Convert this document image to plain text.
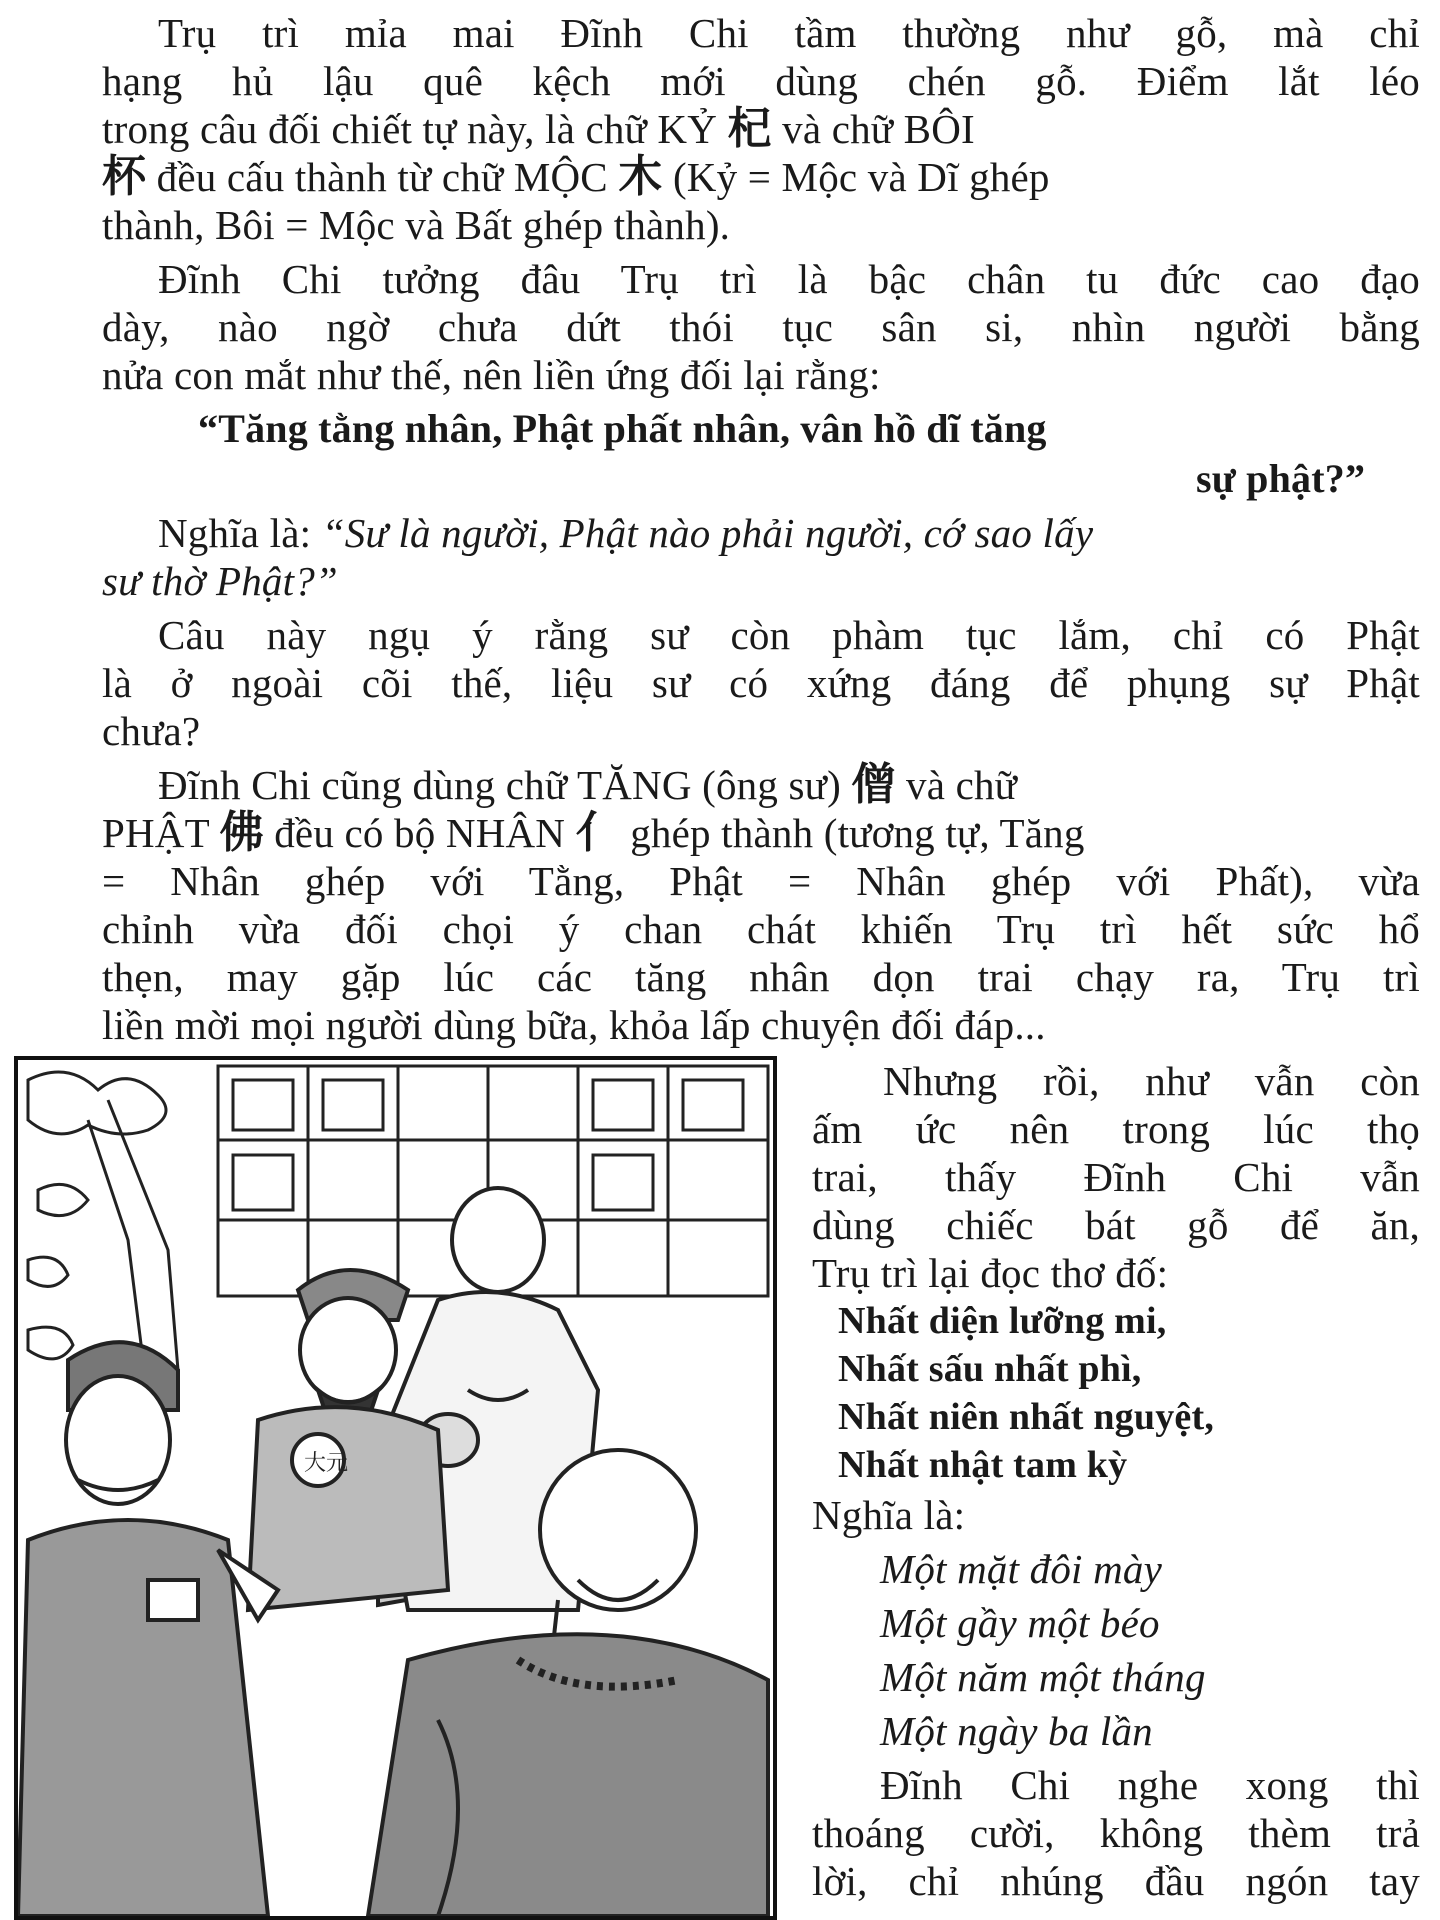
Trụ trì mỉa mai Đĩnh Chi tầm thường như gỗ, mà chỉ
hạng hủ lậu quê kệch mới dùng chén gỗ. Điểm lắt léo
trong câu đối chiết tự này, là chữ KỶ 杞 và chữ BÔI
杯 đều cấu thành từ chữ MỘC 木 (Kỷ = Mộc và Dĩ ghép
thành, Bôi = Mộc và Bất ghép thành).
Đĩnh Chi tưởng đâu Trụ trì là bậc chân tu đức cao đạo
dày, nào ngờ chưa dứt thói tục sân si, nhìn người bằng
nửa con mắt như thế, nên liền ứng đối lại rằng:
“Tăng tằng nhân, Phật phất nhân, vân hồ dĩ tăng
sự phật?”
Nghĩa là: “Sư là người, Phật nào phải người, cớ sao lấy
sư thờ Phật?”
Câu này ngụ ý rằng sư còn phàm tục lắm, chỉ có Phật
là ở ngoài cõi thế, liệu sư có xứng đáng để phụng sự Phật
chưa?
Đĩnh Chi cũng dùng chữ TĂNG (ông sư) 僧 và chữ
PHẬT 佛 đều có bộ NHÂN 亻 ghép thành (tương tự, Tăng
= Nhân ghép với Tằng, Phật = Nhân ghép với Phất), vừa
chỉnh vừa đối chọi ý chan chát khiến Trụ trì hết sức hổ
thẹn, may gặp lúc các tăng nhân dọn trai chạy ra, Trụ trì
liền mời mọi người dùng bữa, khỏa lấp chuyện đối đáp...
大元
Nhưng rồi, như vẫn còn
ấm ức nên trong lúc thọ
trai, thấy Đĩnh Chi vẫn
dùng chiếc bát gỗ để ăn,
Trụ trì lại đọc thơ đố:
Nhất diện lưỡng mi,
Nhất sấu nhất phì,
Nhất niên nhất nguyệt,
Nhất nhật tam kỳ
Nghĩa là:
Một mặt đôi mày
Một gầy một béo
Một năm một tháng
Một ngày ba lần
Đĩnh Chi nghe xong thì
thoáng cười, không thèm trả
lời, chỉ nhúng đầu ngón tay
